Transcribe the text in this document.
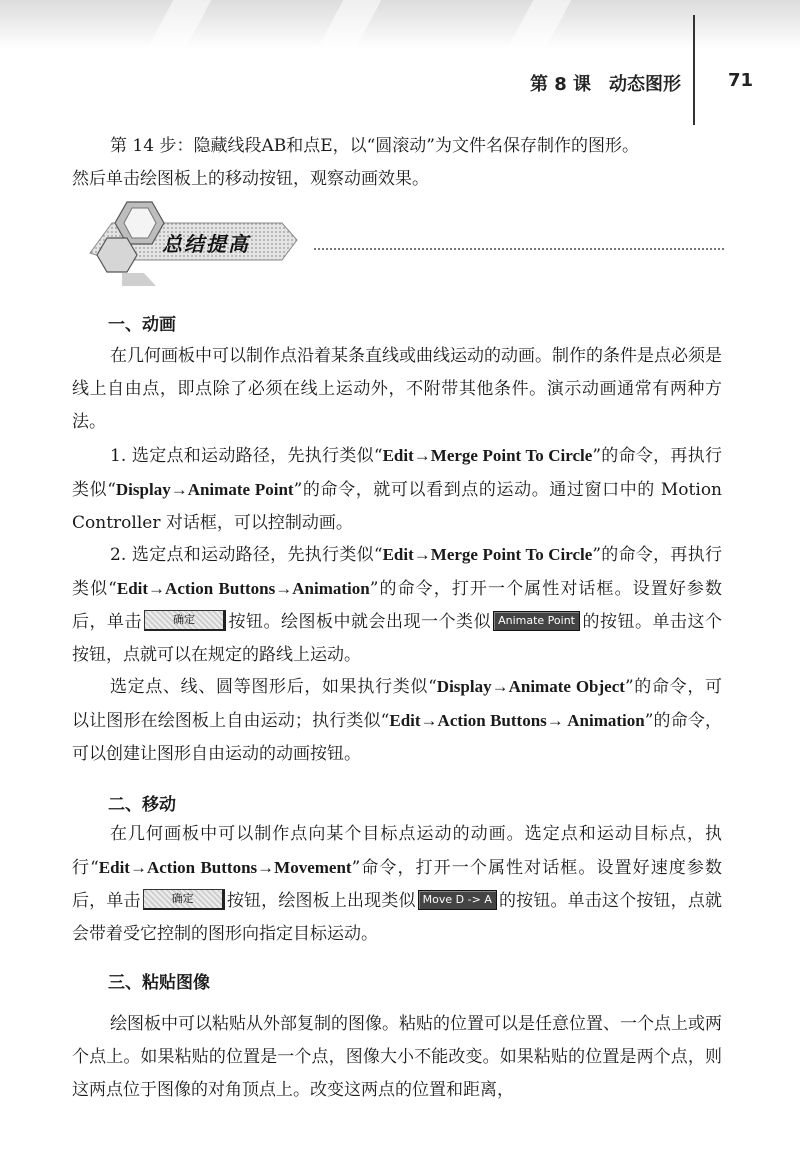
第 8 课　动态图形	71

第 14 步：隐藏线段AB和点E，以“圆滚动”为文件名保存制作的图形。
然后单击绘图板上的移动按钮，观察动画效果。

总结提高
一、动画

在几何画板中可以制作点沿着某条直线或曲线运动的动画。制作的条件是点必须是线上自由点，即点除了必须在线上运动外，不附带其他条件。演示动画通常有两种方法。

1. 选定点和运动路径，先执行类似“Edit→Merge Point To Circle”的命令，再执行类似“Display→Animate Point”的命令，就可以看到点的运动。通过窗口中的 Motion Controller 对话框，可以控制动画。

2. 选定点和运动路径，先执行类似“Edit→Merge Point To Circle”的命令，再执行类似“Edit→Action Buttons→Animation”的命令，打开一个属性对话框。设置好参数后，单击	确定 按钮。绘图板中就会出现一个类似 Animate Point 的按钮。单击这个按钮，点就可以在规定的路线上运动。

选定点、线、圆等图形后，如果执行类似“Display→Animate Object”的命令，可以让图形在绘图板上自由运动；执行类似“Edit→Action Buttons→ Animation”的命令，可以创建让图形自由运动的动画按钮。

二、移动

在几何画板中可以制作点向某个目标点运动的动画。选定点和运动目标点，执行“Edit→Action Buttons→Movement”命令，打开一个属性对话框。设置好速度参数后，单击	确定 按钮，绘图板上出现类似 Move D -> A 的按钮。单击这个按钮，点就会带着受它控制的图形向指定目标运动。

三、粘贴图像

绘图板中可以粘贴从外部复制的图像。粘贴的位置可以是任意位置、一个点上或两个点上。如果粘贴的位置是一个点，图像大小不能改变。如果粘贴的位置是两个点，则这两点位于图像的对角顶点上。改变这两点的位置和距离，
